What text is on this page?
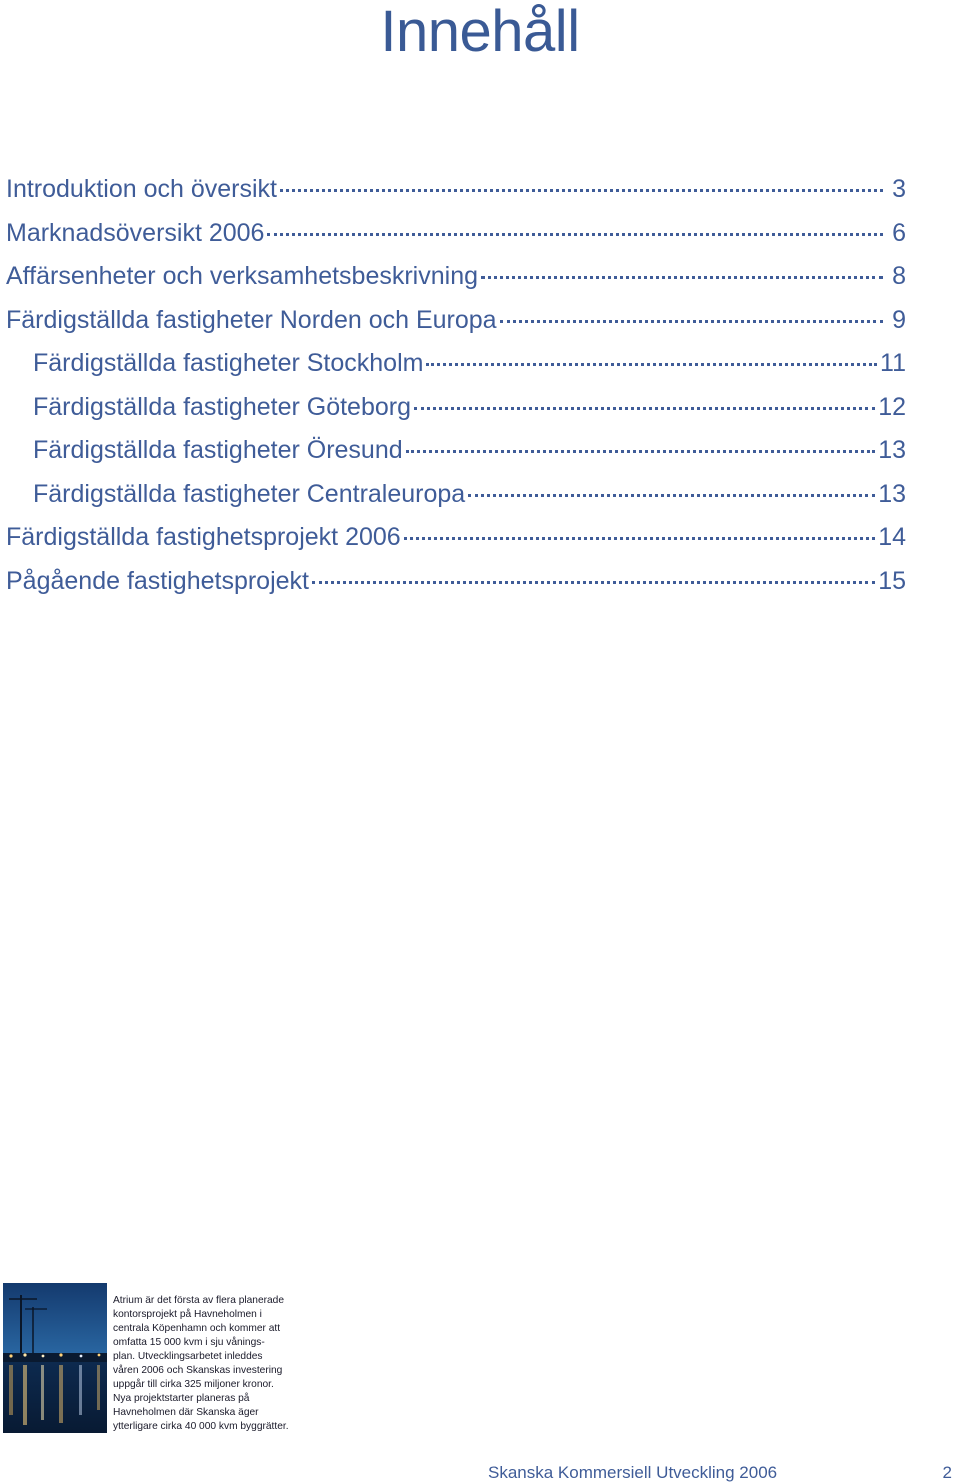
Innehåll
Introduktion och översikt	3
Marknadsöversikt 2006	6
Affärsenheter och verksamhetsbeskrivning	8
Färdigställda fastigheter Norden och Europa	9
Färdigställda fastigheter Stockholm	11
Färdigställda fastigheter Göteborg	12
Färdigställda fastigheter Öresund	13
Färdigställda fastigheter Centraleuropa	13
Färdigställda fastighetsprojekt 2006	14
Pågående fastighetsprojekt	15

Atrium är det första av flera planerade

kontorsprojekt på Havneholmen i

centrala Köpenhamn och kommer att

omfatta 15 000 kvm i sju vånings-

plan. Utvecklingsarbetet inleddes

våren 2006 och Skanskas investering

uppgår till cirka 325 miljoner kronor.

Nya projektstarter planeras på

Havneholmen där Skanska äger

ytterligare cirka 40 000 kvm byggrätter.

Skanska Kommersiell Utveckling 2006	2
